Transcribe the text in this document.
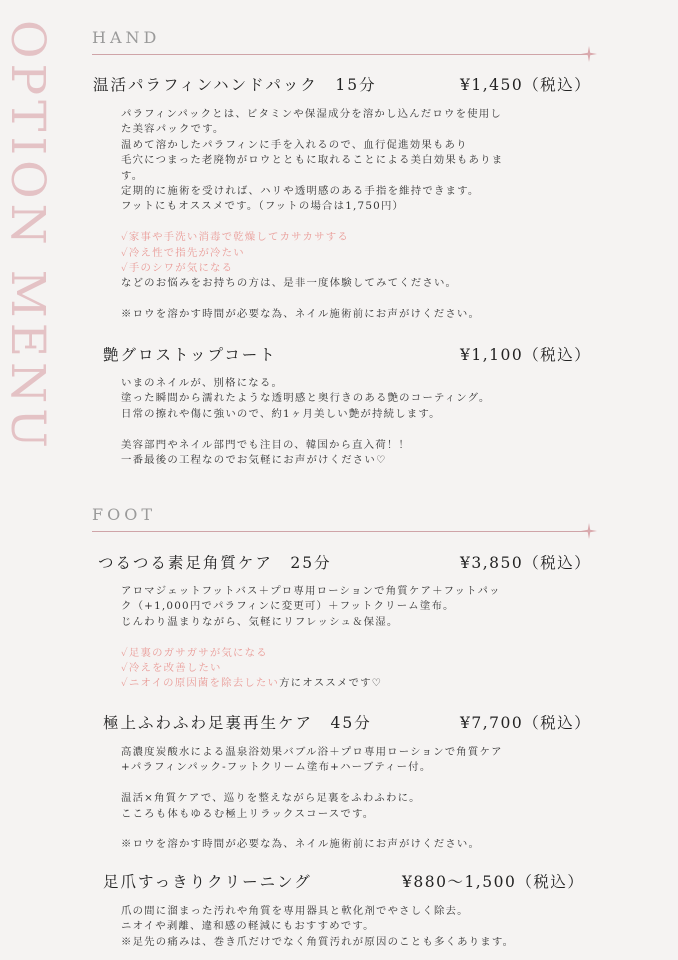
OPTION MENU HAND
温活パラフィンハンドパック　15分	¥1,450（税込）
パラフィンパックとは、ビタミンや保湿成分を溶かし込んだロウを使用し
た美容パックです。
温めて溶かしたパラフィンに手を入れるので、血行促進効果もあり
毛穴につまった老廃物がロウとともに取れることによる美白効果もありま
す。
定期的に施術を受ければ、ハリや透明感のある手指を維持できます。
フットにもオススメです。（フットの場合は1,750円）
✓家事や手洗い消毒で乾燥してカサカサする
✓冷え性で指先が冷たい
✓手のシワが気になる
などのお悩みをお持ちの方は、是非一度体験してみてください。
※ロウを溶かす時間が必要な為、ネイル施術前にお声がけください。
艶グロストップコート	¥1,100（税込）
いまのネイルが、別格になる。
塗った瞬間から濡れたような透明感と奥行きのある艶のコーティング。
日常の擦れや傷に強いので、約1ヶ月美しい艶が持続します。
美容部門やネイル部門でも注目の、韓国から直入荷！！
一番最後の工程なのでお気軽にお声がけください♡
FOOT
つるつる素足角質ケア　25分	¥3,850（税込）
アロマジェットフットバス＋プロ専用ローションで角質ケア＋フットパッ
ク（+1,000円でパラフィンに変更可）＋フットクリーム塗布。
じんわり温まりながら、気軽にリフレッシュ＆保湿。
✓足裏のガサガサが気になる
✓冷えを改善したい
✓ニオイの原因菌を除去したい方にオススメです♡
極上ふわふわ足裏再生ケア　45分	¥7,700（税込）
高濃度炭酸水による温泉浴効果バブル浴＋プロ専用ローションで角質ケア
+パラフィンパック-フットクリーム塗布+ハーブティー付。
温活×角質ケアで、巡りを整えながら足裏をふわふわに。
こころも体もゆるむ極上リラックスコースです。
※ロウを溶かす時間が必要な為、ネイル施術前にお声がけください。
足爪すっきりクリーニング	¥880〜1,500（税込）
爪の間に溜まった汚れや角質を専用器具と軟化剤でやさしく除去。
ニオイや剥離、違和感の軽減にもおすすめです。
※足先の痛みは、巻き爪だけでなく角質汚れが原因のことも多くあります。
